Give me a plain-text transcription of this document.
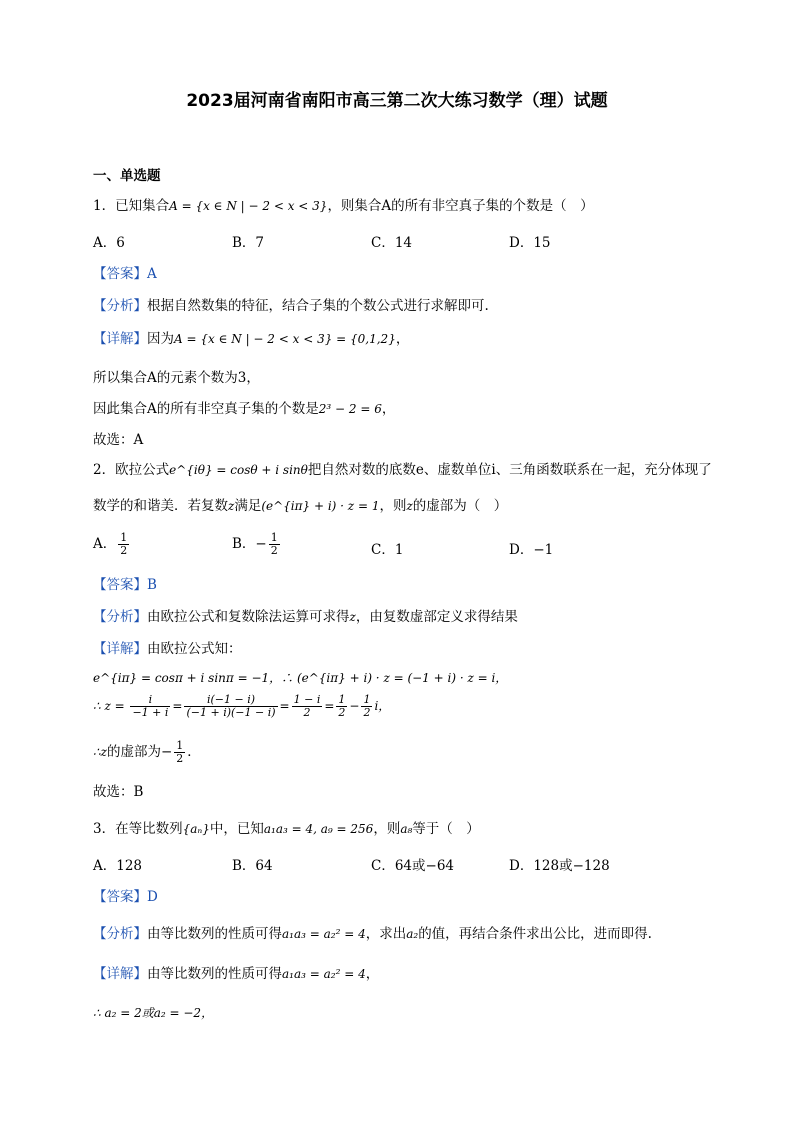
2023届河南省南阳市高三第二次大练习数学（理）试题
一、单选题
1．已知集合A = {x ∈ N | − 2 < x < 3}，则集合A的所有非空真子集的个数是（　）
A．6	B．7	C．14	D．15
【答案】A
【分析】根据自然数集的特征，结合子集的个数公式进行求解即可.
【详解】因为A = {x ∈ N | − 2 < x < 3} = {0,1,2}，
所以集合A的元素个数为3，
因此集合A的所有非空真子集的个数是2³ − 2 = 6，
故选：A
2．欧拉公式e^{iθ} = cosθ + i sinθ把自然对数的底数e、虚数单位i、三角函数联系在一起，充分体现了
数学的和谐美．若复数z满足(e^{iπ} + i) · z = 1，则z的虚部为（　）
A． $\frac{1}{2}$	B．− $\frac{1}{2}$	C．1	D．−1
【答案】B
【分析】由欧拉公式和复数除法运算可求得z，由复数虚部定义求得结果
【详解】由欧拉公式知：
e^{iπ} = cosπ + i sinπ = −1，∴ (e^{iπ} + i) · z = (−1 + i) · z = i，
∴ $z = \frac{i}{-1 + i} = \frac{i(-1 - i)}{(-1 + i)(-1 - i)} = \frac{1 - i}{2} = \frac{1}{2} - \frac{1}{2}$ i，
∴z的虚部为− $\frac{1}{2}$ ．
故选：B
3．在等比数列{aₙ}中，已知a₁a₃ = 4, a₉ = 256，则a₈等于（　）
A．128	B．64	C．64或−64	D．128或−128
【答案】D
【分析】由等比数列的性质可得a₁a₃ = a₂² = 4，求出a₂的值，再结合条件求出公比，进而即得.
【详解】由等比数列的性质可得a₁a₃ = a₂² = 4，
∴ a₂ = 2或a₂ = −2，
